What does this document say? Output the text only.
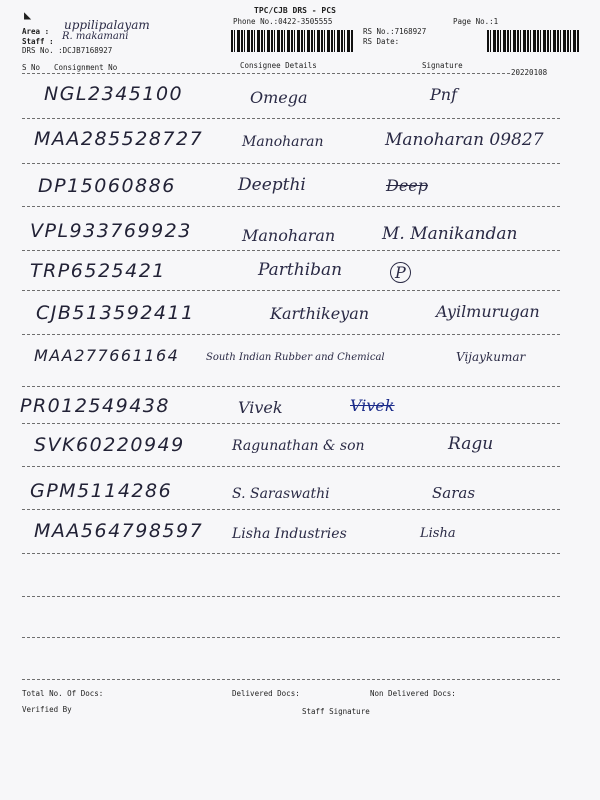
◣	TPC/CJB DRS - PCS
Phone No.:0422-3505555	Page No.:1
Area : uppilipalayam
Staff : R. makamani
DRS No. :DCJB7168927
RS No.:7168927
RS Date:
S No Consignment No	Consignee Details	Signature
20220108
NGL2345100	Omega	Pnf
MAA285528727	Manoharan	Manoharan 09827
DP15060886	Deepthi	Deep
VPL933769923	Manoharan	M. Manikandan
TRP6525421	Parthiban	P
CJB513592411	Karthikeyan	Ayilmurugan
MAA277661164	South Indian Rubber and Chemical	Vijaykumar
PR012549438	Vivek	Vivek
SVK60220949	Ragunathan & son	Ragu
GPM5114286	S. Saraswathi	Saras
MAA564798597 Lisha Industries	Lisha
Total No. Of Docs:	Delivered Docs:	Non Delivered Docs:
Verified By	Staff Signature
